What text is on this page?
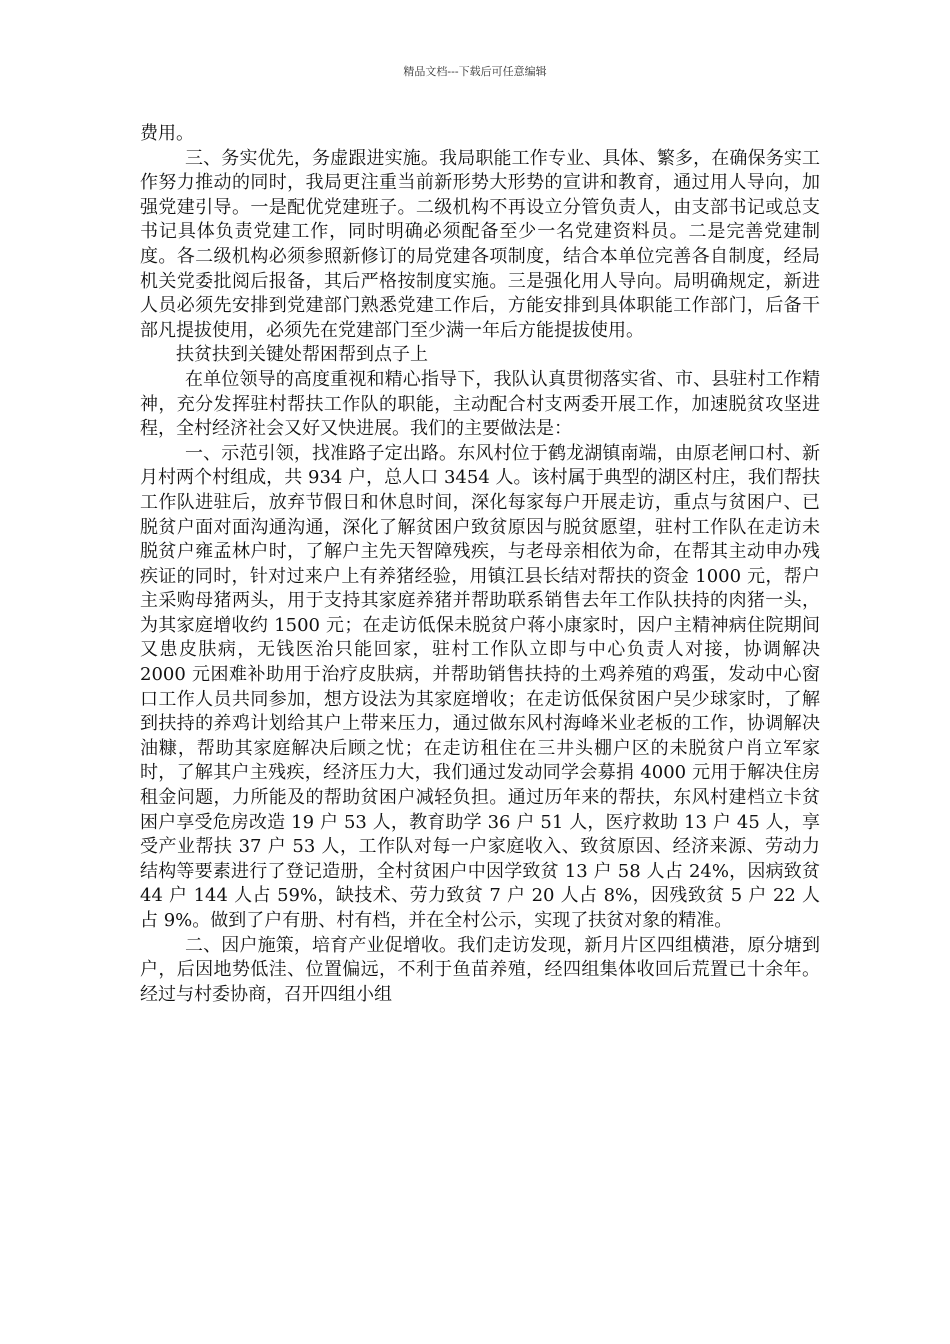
精品文档---下载后可任意编辑

费用。

三、务实优先，务虚跟进实施。我局职能工作专业、具体、繁多，在确保务实工作努力推动的同时，我局更注重当前新形势大形势的宣讲和教育，通过用人导向，加强党建引导。一是配优党建班子。二级机构不再设立分管负责人，由支部书记或总支书记具体负责党建工作，同时明确必须配备至少一名党建资料员。二是完善党建制度。各二级机构必须参照新修订的局党建各项制度，结合本单位完善各自制度，经局机关党委批阅后报备，其后严格按制度实施。三是强化用人导向。局明确规定，新进人员必须先安排到党建部门熟悉党建工作后，方能安排到具体职能工作部门，后备干部凡提拔使用，必须先在党建部门至少满一年后方能提拔使用。

扶贫扶到关键处帮困帮到点子上

在单位领导的高度重视和精心指导下，我队认真贯彻落实省、市、县驻村工作精神，充分发挥驻村帮扶工作队的职能，主动配合村支两委开展工作，加速脱贫攻坚进程，全村经济社会又好又快进展。我们的主要做法是：

一、示范引领，找准路子定出路。东风村位于鹤龙湖镇南端，由原老闸口村、新月村两个村组成，共 934 户，总人口 3454 人。该村属于典型的湖区村庄，我们帮扶工作队进驻后，放弃节假日和休息时间，深化每家每户开展走访，重点与贫困户、已脱贫户面对面沟通沟通，深化了解贫困户致贫原因与脱贫愿望，驻村工作队在走访未脱贫户雍孟林户时，了解户主先天智障残疾，与老母亲相依为命，在帮其主动申办残疾证的同时，针对过来户上有养猪经验，用镇江县长结对帮扶的资金 1000 元，帮户主采购母猪两头，用于支持其家庭养猪并帮助联系销售去年工作队扶持的肉猪一头，为其家庭增收约 1500 元；在走访低保未脱贫户蒋小康家时，因户主精神病住院期间又患皮肤病，无钱医治只能回家，驻村工作队立即与中心负责人对接，协调解决 2000 元困难补助用于治疗皮肤病，并帮助销售扶持的土鸡养殖的鸡蛋，发动中心窗口工作人员共同参加，想方设法为其家庭增收；在走访低保贫困户吴少球家时，了解到扶持的养鸡计划给其户上带来压力，通过做东风村海峰米业老板的工作，协调解决油糠，帮助其家庭解决后顾之忧；在走访租住在三井头棚户区的未脱贫户肖立军家时，了解其户主残疾，经济压力大，我们通过发动同学会募捐 4000 元用于解决住房租金问题，力所能及的帮助贫困户减轻负担。通过历年来的帮扶，东风村建档立卡贫困户享受危房改造 19 户 53 人，教育助学 36 户 51 人，医疗救助 13 户 45 人，享受产业帮扶 37 户 53 人，工作队对每一户家庭收入、致贫原因、经济来源、劳动力结构等要素进行了登记造册，全村贫困户中因学致贫 13 户 58 人占 24%，因病致贫 44 户 144 人占 59%，缺技术、劳力致贫 7 户 20 人占 8%，因残致贫 5 户 22 人占 9%。做到了户有册、村有档，并在全村公示，实现了扶贫对象的精准。

二、因户施策，培育产业促增收。我们走访发现，新月片区四组横港，原分塘到户，后因地势低洼、位置偏远，不利于鱼苗养殖，经四组集体收回后荒置已十余年。经过与村委协商，召开四组小组
